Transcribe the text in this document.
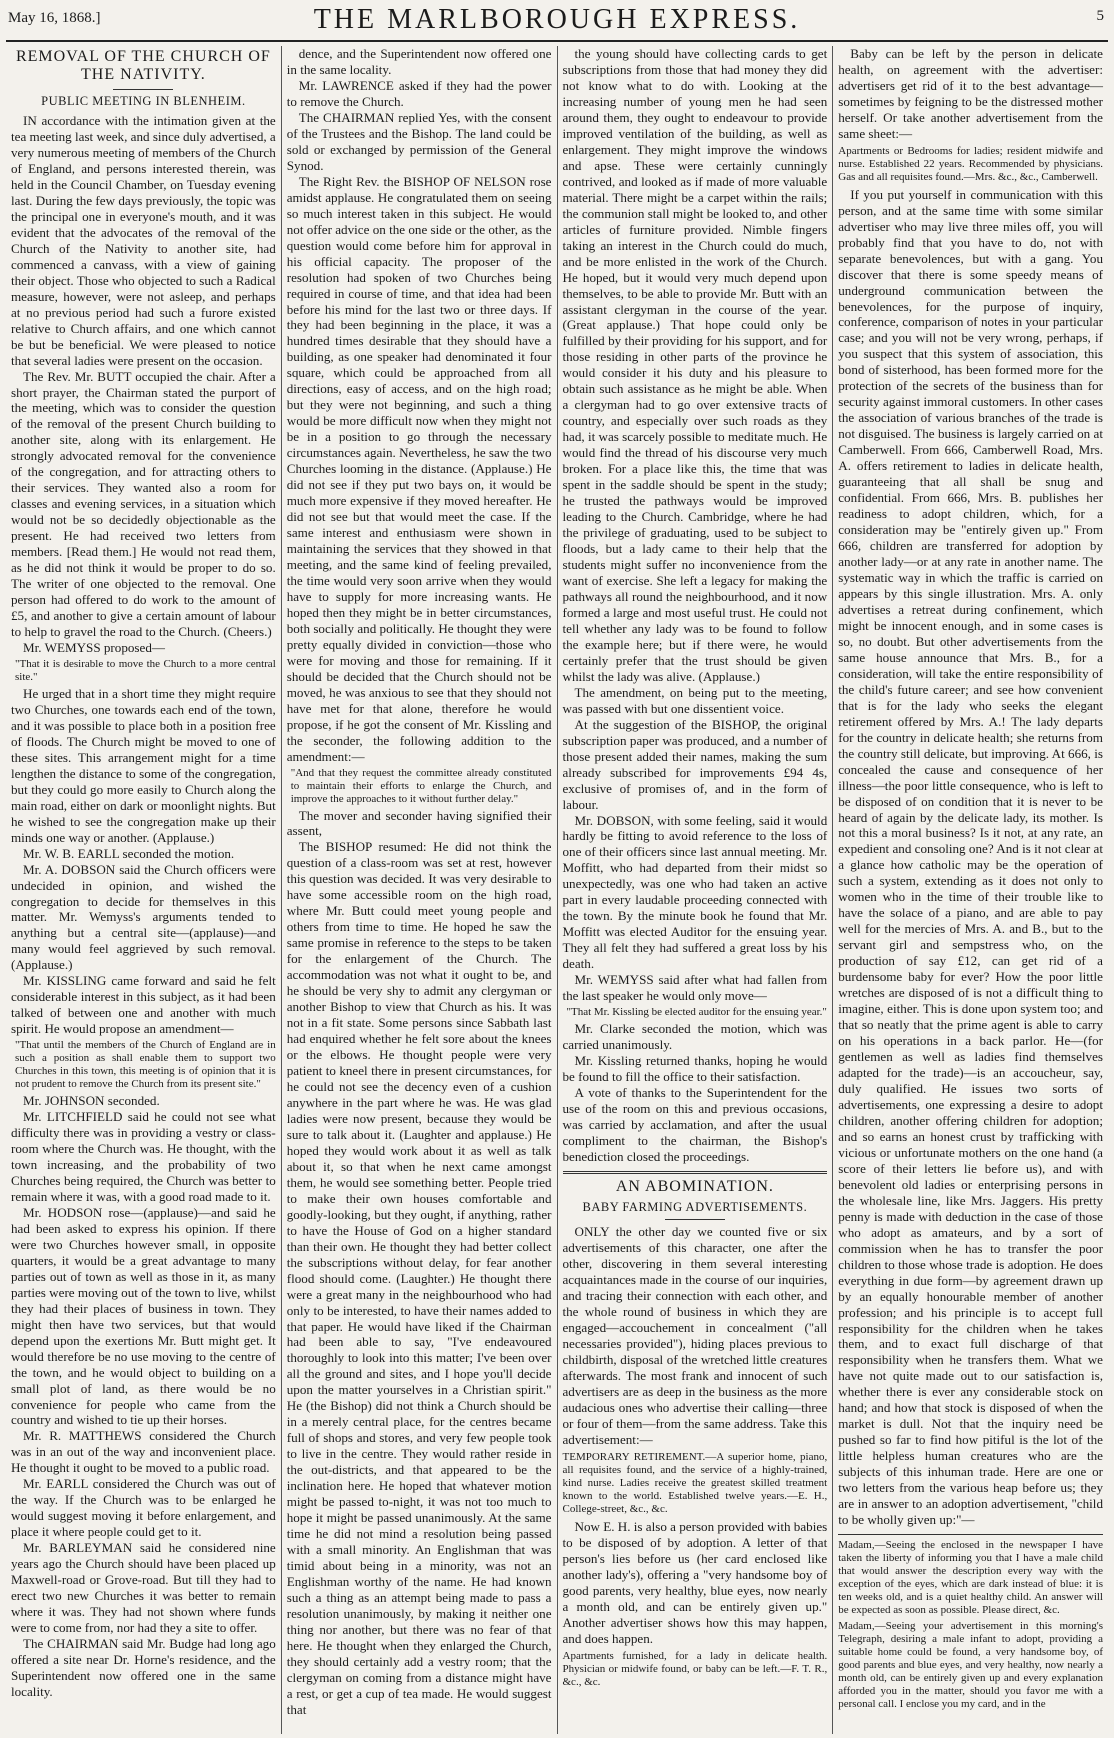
May 16, 1868.]	THE MARLBOROUGH EXPRESS.	5
REMOVAL OF THE CHURCH OF THE NATIVITY.
PUBLIC MEETING IN BLENHEIM.

IN accordance with the intimation given at the tea meeting last week, and since duly advertised, a very numerous meeting of members of the Church of England, and persons interested therein, was held in the Council Chamber, on Tuesday evening last. During the few days previously, the topic was the principal one in everyone's mouth, and it was evident that the advocates of the removal of the Church of the Nativity to another site, had commenced a canvass, with a view of gaining their object. Those who objected to such a Radical measure, however, were not asleep, and perhaps at no previous period had such a furore existed relative to Church affairs, and one which cannot be but be beneficial. We were pleased to notice that several ladies were present on the occasion.

The Rev. Mr. BUTT occupied the chair. After a short prayer, the Chairman stated the purport of the meeting, which was to consider the question of the removal of the present Church building to another site, along with its enlargement. He strongly advocated removal for the convenience of the congregation, and for attracting others to their services. They wanted also a room for classes and evening services, in a situation which would not be so decidedly objectionable as the present. He had received two letters from members. [Read them.] He would not read them, as he did not think it would be proper to do so. The writer of one objected to the removal. One person had offered to do work to the amount of £5, and another to give a certain amount of labour to help to gravel the road to the Church. (Cheers.)

Mr. WEMYSS proposed—

"That it is desirable to move the Church to a more central site."

He urged that in a short time they might require two Churches, one towards each end of the town, and it was possible to place both in a position free of floods. The Church might be moved to one of these sites. This arrangement might for a time lengthen the distance to some of the congregation, but they could go more easily to Church along the main road, either on dark or moonlight nights. But he wished to see the congregation make up their minds one way or another. (Applause.)

Mr. W. B. EARLL seconded the motion.

Mr. A. DOBSON said the Church officers were undecided in opinion, and wished the congregation to decide for themselves in this matter. Mr. Wemyss's arguments tended to anything but a central site—(applause)—and many would feel aggrieved by such removal. (Applause.)

Mr. KISSLING came forward and said he felt considerable interest in this subject, as it had been talked of between one and another with much spirit. He would propose an amendment—

"That until the members of the Church of England are in such a position as shall enable them to support two Churches in this town, this meeting is of opinion that it is not prudent to remove the Church from its present site."

Mr. JOHNSON seconded.

Mr. LITCHFIELD said he could not see what difficulty there was in providing a vestry or class-room where the Church was. He thought, with the town increasing, and the probability of two Churches being required, the Church was better to remain where it was, with a good road made to it.

Mr. HODSON rose—(applause)—and said he had been asked to express his opinion. If there were two Churches however small, in opposite quarters, it would be a great advantage to many parties out of town as well as those in it, as many parties were moving out of the town to live, whilst they had their places of business in town. They might then have two services, but that would depend upon the exertions Mr. Butt might get. It would therefore be no use moving to the centre of the town, and he would object to building on a small plot of land, as there would be no convenience for people who came from the country and wished to tie up their horses.

Mr. R. MATTHEWS considered the Church was in an out of the way and inconvenient place. He thought it ought to be moved to a public road.

Mr. EARLL considered the Church was out of the way. If the Church was to be enlarged he would suggest moving it before enlargement, and place it where people could get to it.

Mr. BARLEYMAN said he considered nine years ago the Church should have been placed up Maxwell-road or Grove-road. But till they had to erect two new Churches it was better to remain where it was. They had not shown where funds were to come from, nor had they a site to offer.

The CHAIRMAN said Mr. Budge had long ago offered a site near Dr. Horne's residence, and the Superintendent now offered one in the same locality.

dence, and the Superintendent now offered one in the same locality.

Mr. LAWRENCE asked if they had the power to remove the Church.

The CHAIRMAN replied Yes, with the consent of the Trustees and the Bishop. The land could be sold or exchanged by permission of the General Synod.

The Right Rev. the BISHOP OF NELSON rose amidst applause. He congratulated them on seeing so much interest taken in this subject. He would not offer advice on the one side or the other, as the question would come before him for approval in his official capacity. The proposer of the resolution had spoken of two Churches being required in course of time, and that idea had been before his mind for the last two or three days. If they had been beginning in the place, it was a hundred times desirable that they should have a building, as one speaker had denominated it four square, which could be approached from all directions, easy of access, and on the high road; but they were not beginning, and such a thing would be more difficult now when they might not be in a position to go through the necessary circumstances again. Nevertheless, he saw the two Churches looming in the distance. (Applause.) He did not see if they put two bays on, it would be much more expensive if they moved hereafter. He did not see but that would meet the case. If the same interest and enthusiasm were shown in maintaining the services that they showed in that meeting, and the same kind of feeling prevailed, the time would very soon arrive when they would have to supply for more increasing wants. He hoped then they might be in better circumstances, both socially and politically. He thought they were pretty equally divided in conviction—those who were for moving and those for remaining. If it should be decided that the Church should not be moved, he was anxious to see that they should not have met for that alone, therefore he would propose, if he got the consent of Mr. Kissling and the seconder, the following addition to the amendment:—

"And that they request the committee already constituted to maintain their efforts to enlarge the Church, and improve the approaches to it without further delay."

The mover and seconder having signified their assent,

The BISHOP resumed: He did not think the question of a class-room was set at rest, however this question was decided. It was very desirable to have some accessible room on the high road, where Mr. Butt could meet young people and others from time to time. He hoped he saw the same promise in reference to the steps to be taken for the enlargement of the Church. The accommodation was not what it ought to be, and he should be very shy to admit any clergyman or another Bishop to view that Church as his. It was not in a fit state. Some persons since Sabbath last had enquired whether he felt sore about the knees or the elbows. He thought people were very patient to kneel there in present circumstances, for he could not see the decency even of a cushion anywhere in the part where he was. He was glad ladies were now present, because they would be sure to talk about it. (Laughter and applause.) He hoped they would work about it as well as talk about it, so that when he next came amongst them, he would see something better. People tried to make their own houses comfortable and goodly-looking, but they ought, if anything, rather to have the House of God on a higher standard than their own. He thought they had better collect the subscriptions without delay, for fear another flood should come. (Laughter.) He thought there were a great many in the neighbourhood who had only to be interested, to have their names added to that paper. He would have liked if the Chairman had been able to say, "I've endeavoured thoroughly to look into this matter; I've been over all the ground and sites, and I hope you'll decide upon the matter yourselves in a Christian spirit." He (the Bishop) did not think a Church should be in a merely central place, for the centres became full of shops and stores, and very few people took to live in the centre. They would rather reside in the out-districts, and that appeared to be the inclination here. He hoped that whatever motion might be passed to-night, it was not too much to hope it might be passed unanimously. At the same time he did not mind a resolution being passed with a small minority. An Englishman that was timid about being in a minority, was not an Englishman worthy of the name. He had known such a thing as an attempt being made to pass a resolution unanimously, by making it neither one thing nor another, but there was no fear of that here. He thought when they enlarged the Church, they should certainly add a vestry room; that the clergyman on coming from a distance might have a rest, or get a cup of tea made. He would suggest that

the young should have collecting cards to get subscriptions from those that had money they did not know what to do with. Looking at the increasing number of young men he had seen around them, they ought to endeavour to provide improved ventilation of the building, as well as enlargement. They might improve the windows and apse. These were certainly cunningly contrived, and looked as if made of more valuable material. There might be a carpet within the rails; the communion stall might be looked to, and other articles of furniture provided. Nimble fingers taking an interest in the Church could do much, and be more enlisted in the work of the Church. He hoped, but it would very much depend upon themselves, to be able to provide Mr. Butt with an assistant clergyman in the course of the year. (Great applause.) That hope could only be fulfilled by their providing for his support, and for those residing in other parts of the province he would consider it his duty and his pleasure to obtain such assistance as he might be able. When a clergyman had to go over extensive tracts of country, and especially over such roads as they had, it was scarcely possible to meditate much. He would find the thread of his discourse very much broken. For a place like this, the time that was spent in the saddle should be spent in the study; he trusted the pathways would be improved leading to the Church. Cambridge, where he had the privilege of graduating, used to be subject to floods, but a lady came to their help that the students might suffer no inconvenience from the want of exercise. She left a legacy for making the pathways all round the neighbourhood, and it now formed a large and most useful trust. He could not tell whether any lady was to be found to follow the example here; but if there were, he would certainly prefer that the trust should be given whilst the lady was alive. (Applause.)

The amendment, on being put to the meeting, was passed with but one dissentient voice.

At the suggestion of the BISHOP, the original subscription paper was produced, and a number of those present added their names, making the sum already subscribed for improvements £94 4s, exclusive of promises of, and in the form of labour.

Mr. DOBSON, with some feeling, said it would hardly be fitting to avoid reference to the loss of one of their officers since last annual meeting. Mr. Moffitt, who had departed from their midst so unexpectedly, was one who had taken an active part in every laudable proceeding connected with the town. By the minute book he found that Mr. Moffitt was elected Auditor for the ensuing year. They all felt they had suffered a great loss by his death.

Mr. WEMYSS said after what had fallen from the last speaker he would only move—

"That Mr. Kissling be elected auditor for the ensuing year."

Mr. Clarke seconded the motion, which was carried unanimously.

Mr. Kissling returned thanks, hoping he would be found to fill the office to their satisfaction.

A vote of thanks to the Superintendent for the use of the room on this and previous occasions, was carried by acclamation, and after the usual compliment to the chairman, the Bishop's benediction closed the proceedings.

AN ABOMINATION.
BABY FARMING ADVERTISEMENTS.

ONLY the other day we counted five or six advertisements of this character, one after the other, discovering in them several interesting acquaintances made in the course of our inquiries, and tracing their connection with each other, and the whole round of business in which they are engaged—accouchement in concealment ("all necessaries provided"), hiding places previous to childbirth, disposal of the wretched little creatures afterwards. The most frank and innocent of such advertisers are as deep in the business as the more audacious ones who advertise their calling—three or four of them—from the same address. Take this advertisement:—

TEMPORARY RETIREMENT.—A superior home, piano, all requisites found, and the service of a highly-trained, kind nurse. Ladies receive the greatest skilled treatment known to the world. Established twelve years.—E. H., College-street, &c., &c.

Now E. H. is also a person provided with babies to be disposed of by adoption. A letter of that person's lies before us (her card enclosed like another lady's), offering a "very handsome boy of good parents, very healthy, blue eyes, now nearly a month old, and can be entirely given up." Another advertiser shows how this may happen, and does happen.

Apartments furnished, for a lady in delicate health. Physician or midwife found, or baby can be left.—F. T. R., &c., &c.

Baby can be left by the person in delicate health, on agreement with the advertiser: advertisers get rid of it to the best advantage—sometimes by feigning to be the distressed mother herself. Or take another advertisement from the same sheet:—

Apartments or Bedrooms for ladies; resident midwife and nurse. Established 22 years. Recommended by physicians. Gas and all requisites found.—Mrs. &c., &c., Camberwell.

If you put yourself in communication with this person, and at the same time with some similar advertiser who may live three miles off, you will probably find that you have to do, not with separate benevolences, but with a gang. You discover that there is some speedy means of underground communication between the benevolences, for the purpose of inquiry, conference, comparison of notes in your particular case; and you will not be very wrong, perhaps, if you suspect that this system of association, this bond of sisterhood, has been formed more for the protection of the secrets of the business than for security against immoral customers. In other cases the association of various branches of the trade is not disguised. The business is largely carried on at Camberwell. From 666, Camberwell Road, Mrs. A. offers retirement to ladies in delicate health, guaranteeing that all shall be snug and confidential. From 666, Mrs. B. publishes her readiness to adopt children, which, for a consideration may be "entirely given up." From 666, children are transferred for adoption by another lady—or at any rate in another name. The systematic way in which the traffic is carried on appears by this single illustration. Mrs. A. only advertises a retreat during confinement, which might be innocent enough, and in some cases is so, no doubt. But other advertisements from the same house announce that Mrs. B., for a consideration, will take the entire responsibility of the child's future career; and see how convenient that is for the lady who seeks the elegant retirement offered by Mrs. A.! The lady departs for the country in delicate health; she returns from the country still delicate, but improving. At 666, is concealed the cause and consequence of her illness—the poor little consequence, who is left to be disposed of on condition that it is never to be heard of again by the delicate lady, its mother. Is not this a moral business? Is it not, at any rate, an expedient and consoling one? And is it not clear at a glance how catholic may be the operation of such a system, extending as it does not only to women who in the time of their trouble like to have the solace of a piano, and are able to pay well for the mercies of Mrs. A. and B., but to the servant girl and sempstress who, on the production of say £12, can get rid of a burdensome baby for ever? How the poor little wretches are disposed of is not a difficult thing to imagine, either. This is done upon system too; and that so neatly that the prime agent is able to carry on his operations in a back parlor. He—(for gentlemen as well as ladies find themselves adapted for the trade)—is an accoucheur, say, duly qualified. He issues two sorts of advertisements, one expressing a desire to adopt children, another offering children for adoption; and so earns an honest crust by trafficking with vicious or unfortunate mothers on the one hand (a score of their letters lie before us), and with benevolent old ladies or enterprising persons in the wholesale line, like Mrs. Jaggers. His pretty penny is made with deduction in the case of those who adopt as amateurs, and by a sort of commission when he has to transfer the poor children to those whose trade is adoption. He does everything in due form—by agreement drawn up by an equally honourable member of another profession; and his principle is to accept full responsibility for the children when he takes them, and to exact full discharge of that responsibility when he transfers them. What we have not quite made out to our satisfaction is, whether there is ever any considerable stock on hand; and how that stock is disposed of when the market is dull. Not that the inquiry need be pushed so far to find how pitiful is the lot of the little helpless human creatures who are the subjects of this inhuman trade. Here are one or two letters from the various heap before us; they are in answer to an adoption advertisement, "child to be wholly given up:"—

Madam,—Seeing the enclosed in the newspaper I have taken the liberty of informing you that I have a male child that would answer the description every way with the exception of the eyes, which are dark instead of blue: it is ten weeks old, and is a quiet healthy child. An answer will be expected as soon as possible. Please direct, &c.

Madam,—Seeing your advertisement in this morning's Telegraph, desiring a male infant to adopt, providing a suitable home could be found, a very handsome boy, of good parents and blue eyes, and very healthy, now nearly a month old, can be entirely given up and every explanation afforded you in the matter, should you favor me with a personal call. I enclose you my card, and in the
